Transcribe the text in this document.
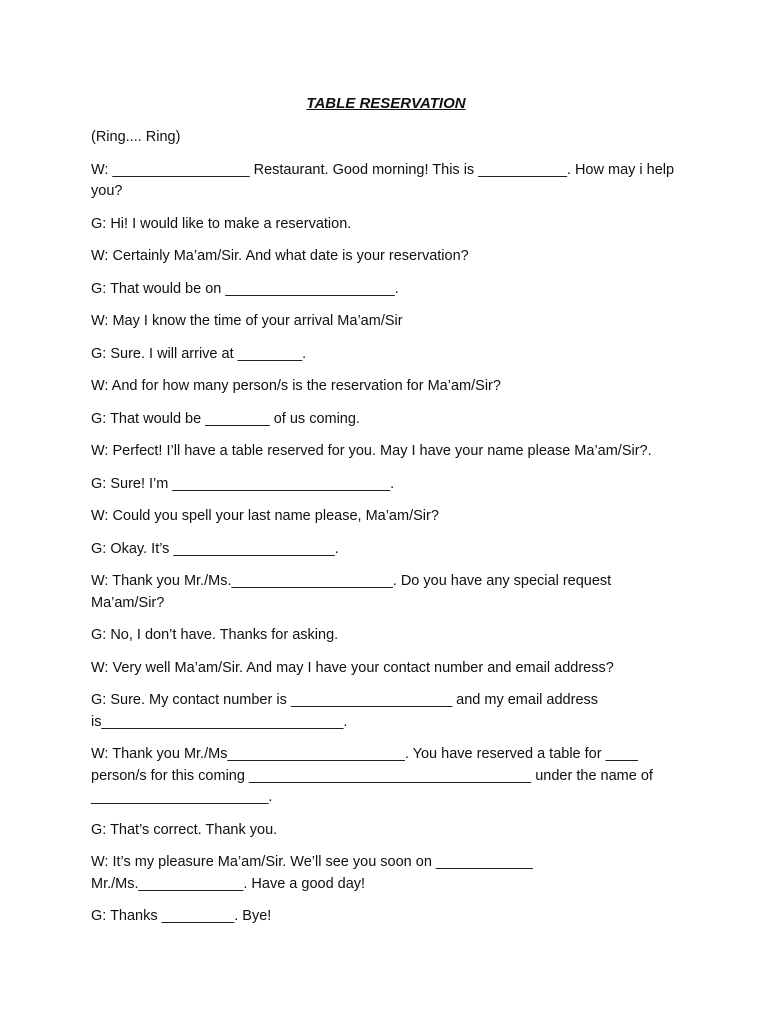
TABLE RESERVATION
(Ring.... Ring)
W: _________________ Restaurant. Good morning! This is ___________. How may i help you?
G: Hi! I would like to make a reservation.
W: Certainly Ma’am/Sir. And what date is your reservation?
G: That would be on _____________________.
W: May I know the time of your arrival Ma’am/Sir
G: Sure. I will arrive at ________.
W: And for how many person/s is the reservation for Ma’am/Sir?
G: That would be ________ of us coming.
W: Perfect! I’ll have a table reserved for you. May I have your name please Ma’am/Sir?.
G: Sure! I’m ___________________________.
W: Could you spell your last name please, Ma’am/Sir?
G: Okay. It’s ____________________.
W: Thank you Mr./Ms.____________________. Do you have any special request Ma’am/Sir?
G: No, I don’t have. Thanks for asking.
W: Very well Ma’am/Sir. And may I have your contact number and email address?
G: Sure. My contact number is ____________________ and my email address is______________________________.
W: Thank you Mr./Ms______________________. You have reserved a table for ____ person/s for this coming ___________________________________ under the name of ______________________.
G: That’s correct. Thank you.
W: It’s my pleasure Ma’am/Sir. We’ll see you soon on ____________ Mr./Ms._____________. Have a good day!
G: Thanks _________. Bye!
